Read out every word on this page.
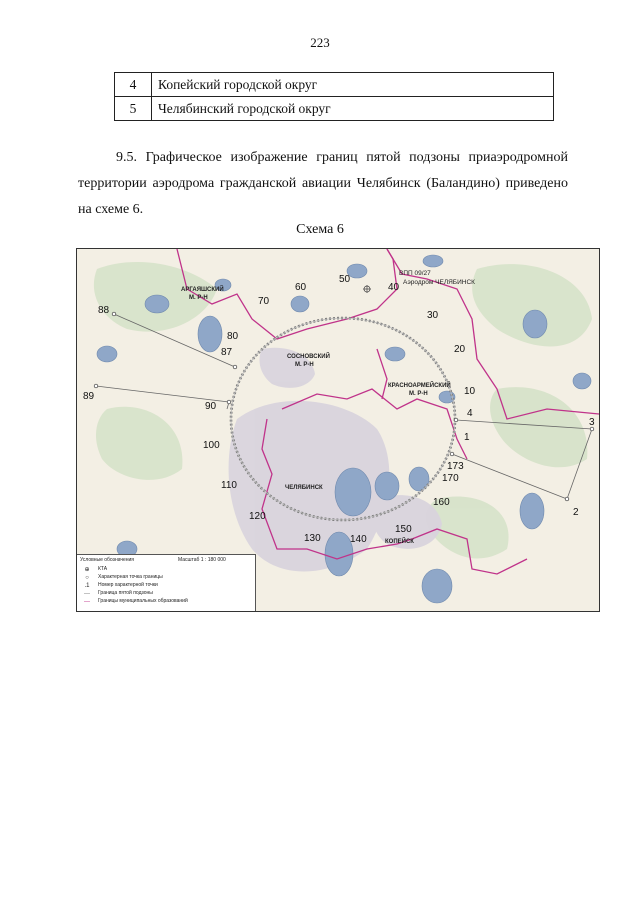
223
4	Копейский городской округ
5	Челябинский городской округ

9.5. Графическое изображение границ пятой подзоны приаэродромной территории аэродрома гражданской авиации Челябинск (Баландино) приведено на схеме 6.

Схема 6
88
89
3
2
1
4
10
20
30
40
50
60
70
80
87
90
100
110
120
130	140
150
160
170
173
АРГАЯШСКИЙ
М. Р-Н
СОСНОВСКИЙ
М. Р-Н
КРАСНОАРМЕЙСКИЙ
М. Р-Н
ЧЕЛЯБИНСК
КОПЕЙСК
ВПП 09/27
Аэродром ЧЕЛЯБИНСК
Условные обозначения	Масштаб 1 : 180 000
⊕ КТА
○ Характерная точка границы
.1 Номер характерной точки
— Граница пятой подзоны
— Границы муниципальных образований
